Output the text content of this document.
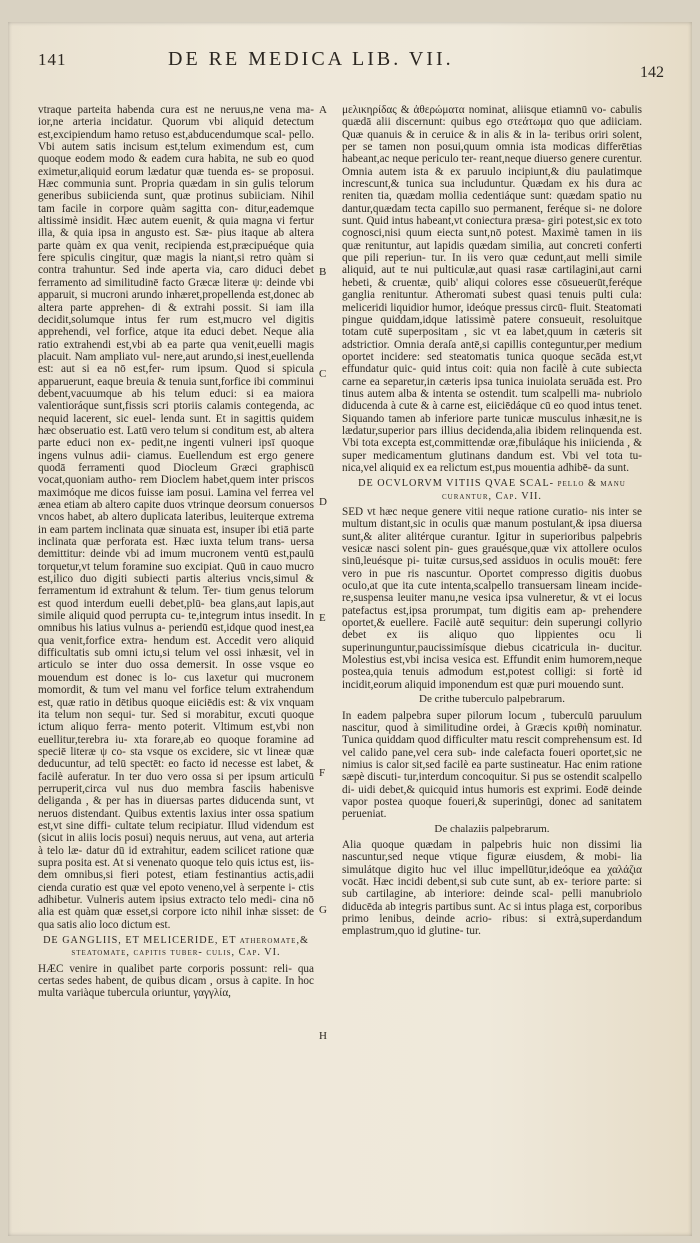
141	DE RE MEDICA LIB. VII.
142

vtraque parteita habenda cura est ne neruus,ne vena ma- ior,ne arteria incidatur. Quorum vbi aliquid detectum est,excipiendum hamo retuso est,abducendumque scal- pello. Vbi autem satis incisum est,telum eximendum est, cum quoque eodem modo & eadem cura habita, ne sub eo quod eximetur,aliquid eorum lædatur quæ tuenda es- se proposui. Hæc communia sunt. Propria quædam in sin gulis telorum generibus subiicienda sunt, quæ protinus subiiciam. Nihil tam facile in corpore quàm sagitta con- ditur,eademque altissimè insidit. Hæc autem euenit, & quia magna vi fertur illa, & quia ipsa in angusto est. Sæ- pius itaque ab altera parte quàm ex qua venit, recipienda est,præcipuéque quia fere spiculis cingitur, quæ magis la niant,si retro quàm si contra trahuntur. Sed inde aperta via, caro diduci debet ferramento ad similitudinē facto Græcæ literæ ψ: deinde vbi apparuit, si mucroni arundo inhæret,propellenda est,donec ab altera parte apprehen- di & extrahi possit. Si iam illa decidit,solumque intus fer rum est,mucro vel digitis apprehendi, vel forfice, atque ita educi debet. Neque alia ratio extrahendi est,vbi ab ea parte qua venit,euelli magis placuit. Nam ampliato vul- nere,aut arundo,si inest,euellenda est: aut si ea nō est,fer- rum ipsum. Quod si spicula apparuerunt, eaque breuia & tenuia sunt,forfice ibi comminui debent,vacuumque ab his telum educi: si ea maiora valentioráque sunt,fissis scri ptoriis calamis contegenda, ac nequid lacerent, sic euel- lenda sunt. Et in sagittis quidem hæc obseruatio est. Latū vero telum si conditum est, ab altera parte educi non ex- pedit,ne ingenti vulneri ipsī quoque ingens vulnus adii- ciamus. Euellendum est ergo genere quodā ferramenti quod Diocleum Græci graphiscū vocat,quoniam autho- rem Dioclem habet,quem inter priscos maximóque me dicos fuisse iam posui. Lamina vel ferrea vel ænea etiam ab altero capite duos vtrinque deorsum conuersos vncos habet, ab altero duplicata lateribus, leuiterque extrema in eam partem inclinata quæ sinuata est, insuper ibi etiā parte inclinata quæ perforata est. Hæc iuxta telum trans- uersa demittitur: deinde vbi ad imum mucronem ventū est,paulū torquetur,vt telum foramine suo excipiat. Quū in cauo mucro est,ilico duo digiti subiecti partis alterius vncis,simul & ferramentum id extrahunt & telum. Ter- tium genus telorum est quod interdum euelli debet,plū- bea glans,aut lapis,aut simile aliquid quod perrupta cu- te,integrum intus insedit. In omnibus his latius vulnus a- periendū est,idque quod inest,ea qua venit,forfice extra- hendum est. Accedit vero aliquid difficultatis sub omni ictu,si telum vel ossi inhæsit, vel in articulo se inter duo ossa demersit. In osse vsque eo mouendum est donec is lo- cus laxetur qui mucronem momordit, & tum vel manu vel forfice telum extrahendum est, quæ ratio in dētibus quoque eiiciēdis est: & vix vnquam ita telum non sequi- tur. Sed si morabitur, excuti quoque ictum aliquo ferra- mento poterit. Vltimum est,vbi non euellitur,terebra iu- xta forare,ab eo quoque foramine ad speciē literæ ψ co- sta vsque os excidere, sic vt lineæ quæ deducuntur, ad telū spectēt: eo facto id necesse est labet, & facilè auferatur. In ter duo vero ossa si per ipsum articulū perruperit,circa vul nus duo membra fasciis habenisve deliganda , & per has in diuersas partes diducenda sunt, vt neruos distendant. Quibus extentis laxius inter ossa spatium est,vt sine diffi- cultate telum recipiatur. Illud videndum est (sicut in aliis locis posui) nequis neruus, aut vena, aut arteria à telo læ- datur dū id extrahitur, eadem scilicet ratione quæ supra posita est. At si venenato quoque telo quis ictus est, iis- dem omnibus,si fieri potest, etiam festinantius actis,adii cienda curatio est quæ vel epoto veneno,vel à serpente i- ctis adhibetur. Vulneris autem ipsius extracto telo medi- cina nō alia est quàm quæ esset,si corpore icto nihil inhæ sisset: de qua satis alio loco dictum est.

DE GANGLIIS, ET MELICERIDE, ET atheromate,& steatomate, capitis tuber- culis, Cap. VI.

HÆC venire in qualibet parte corporis possunt: reli- qua certas sedes habent, de quibus dicam , orsus à capite. In hoc multa variàque tubercula oriuntur, γαγγλία,

A
B
C
D
E
F
G
H

μελικηρίδας & ἀθερώματα nominat, aliisque etiamnū vo- cabulis quædā alii discernunt: quibus ego στεάτωμα quo que adiiciam. Quæ quanuis & in ceruice & in alis & in la- teribus oriri solent, per se tamen non posui,quum omnia ista modicas differētias habeant,ac neque periculo ter- reant,neque diuerso genere curentur. Omnia autem ista & ex paruulo incipiunt,& diu paulatimque increscunt,& tunica sua includuntur. Quædam ex his dura ac reniten tia, quædam mollia cedentiáque sunt: quædam spatio nu dantur,quædam tecta capillo suo permanent, feréque si- ne dolore sunt. Quid intus habeant,vt coniectura præsa- giri potest,sic ex toto cognosci,nisi quum eiecta sunt,nō potest. Maximè tamen in iis quæ renituntur, aut lapidis quædam similia, aut concreti conferti que pili reperiun- tur. In iis vero quæ cedunt,aut melli simile aliquid, aut te nui pulticulæ,aut quasi rasæ cartilagini,aut carni hebeti, & cruentæ, quib' aliqui colores esse cōsueuerūt,feréque ganglia renituntur. Atheromati subest quasi tenuis pulti cula: meliceridi liquidior humor, ideóque pressus circū- fluit. Steatomati pingue quiddam,idque latissimè patere consueuit, resoluitque totam cutē superpositam , sic vt ea labet,quum in cæteris sit adstrictior. Omnia deraſa antē,si capillis conteguntur,per medium oportet incidere: sed steatomatis tunica quoque secāda est,vt effundatur quic- quid intus coit: quia non facilè à cute subiecta carne ea separetur,in cæteris ipsa tunica inuiolata seruāda est. Pro tinus autem alba & intenta se ostendit. tum scalpelli ma- nubriolo diducenda à cute & à carne est, eiiciēdáque cū eo quod intus tenet. Siquando tamen ab inferiore parte tunicæ musculus inhæsit,ne is lædatur,superior pars illius decidenda,alia ibidem relinquenda est. Vbi tota excepta est,committendæ oræ,fibuláque his iniicienda , & super medicamentum glutinans dandum est. Vbi vel tota tu- nica,vel aliquid ex ea relictum est,pus mouentia adhibē- da sunt.

DE OCVLORVM VITIIS QVAE SCAL- pello & manu curantur, Cap. VII.

SED vt hæc neque genere vitii neque ratione curatio- nis inter se multum distant,sic in oculis quæ manum postulant,& ipsa diuersa sunt,& aliter alitérque curantur. Igitur in superioribus palpebris vesicæ nasci solent pin- gues grauésque,quæ vix attollere oculos sinū,leuésque pi- tuitæ cursus,sed assiduos in oculis mouēt: fere vero in pue ris nascuntur. Oportet compresso digitis duobus oculo,at que ita cute intenta,scalpello transuersam lineam incide- re,suspensa leuiter manu,ne vesica ipsa vulneretur, & vt ei locus patefactus est,ipsa prorumpat, tum digitis eam ap- prehendere oportet,& euellere. Facilè autē sequitur: dein superungi collyrio debet ex iis aliquo quo lippientes ocu li superinunguntur,paucissimísque diebus cicatricula in- ducitur. Molestius est,vbi incisa vesica est. Effundit enim humorem,neque postea,quia tenuis admodum est,potest colligi: si fortè id incidit,eorum aliquid imponendum est quæ puri mouendo sunt.

De crithe tuberculo palpebrarum.

In eadem palpebra super pilorum locum , tuberculū paruulum nascitur, quod à similitudine ordei, à Græcis κριθὴ nominatur. Tunica quiddam quod difficulter matu rescit comprehensum est. Id vel calido pane,vel cera sub- inde calefacta foueri oportet,sic ne nimius is calor sit,sed facilè ea parte sustineatur. Hac enim ratione sæpè discuti- tur,interdum concoquitur. Si pus se ostendit scalpello di- uidi debet,& quicquid intus humoris est exprimi. Eodē deinde vapor postea quoque foueri,& superinūgi, donec ad sanitatem perueniat.

De chalaziis palpebrarum.

Alia quoque quædam in palpebris huic non dissimi lia nascuntur,sed neque vtique figuræ eiusdem, & mobi- lia simulátque digito huc vel illuc impellūtur,ideóque ea χαλάζια vocāt. Hæc incidi debent,si sub cute sunt, ab ex- teriore parte: si sub cartilagine, ab interiore: deinde scal- pelli manubriolo diducēda ab integris partibus sunt. Ac si intus plaga est, corporibus primo lenibus, deinde acrio- ribus: si extrà,superdandum emplastrum,quo id glutine- tur.
